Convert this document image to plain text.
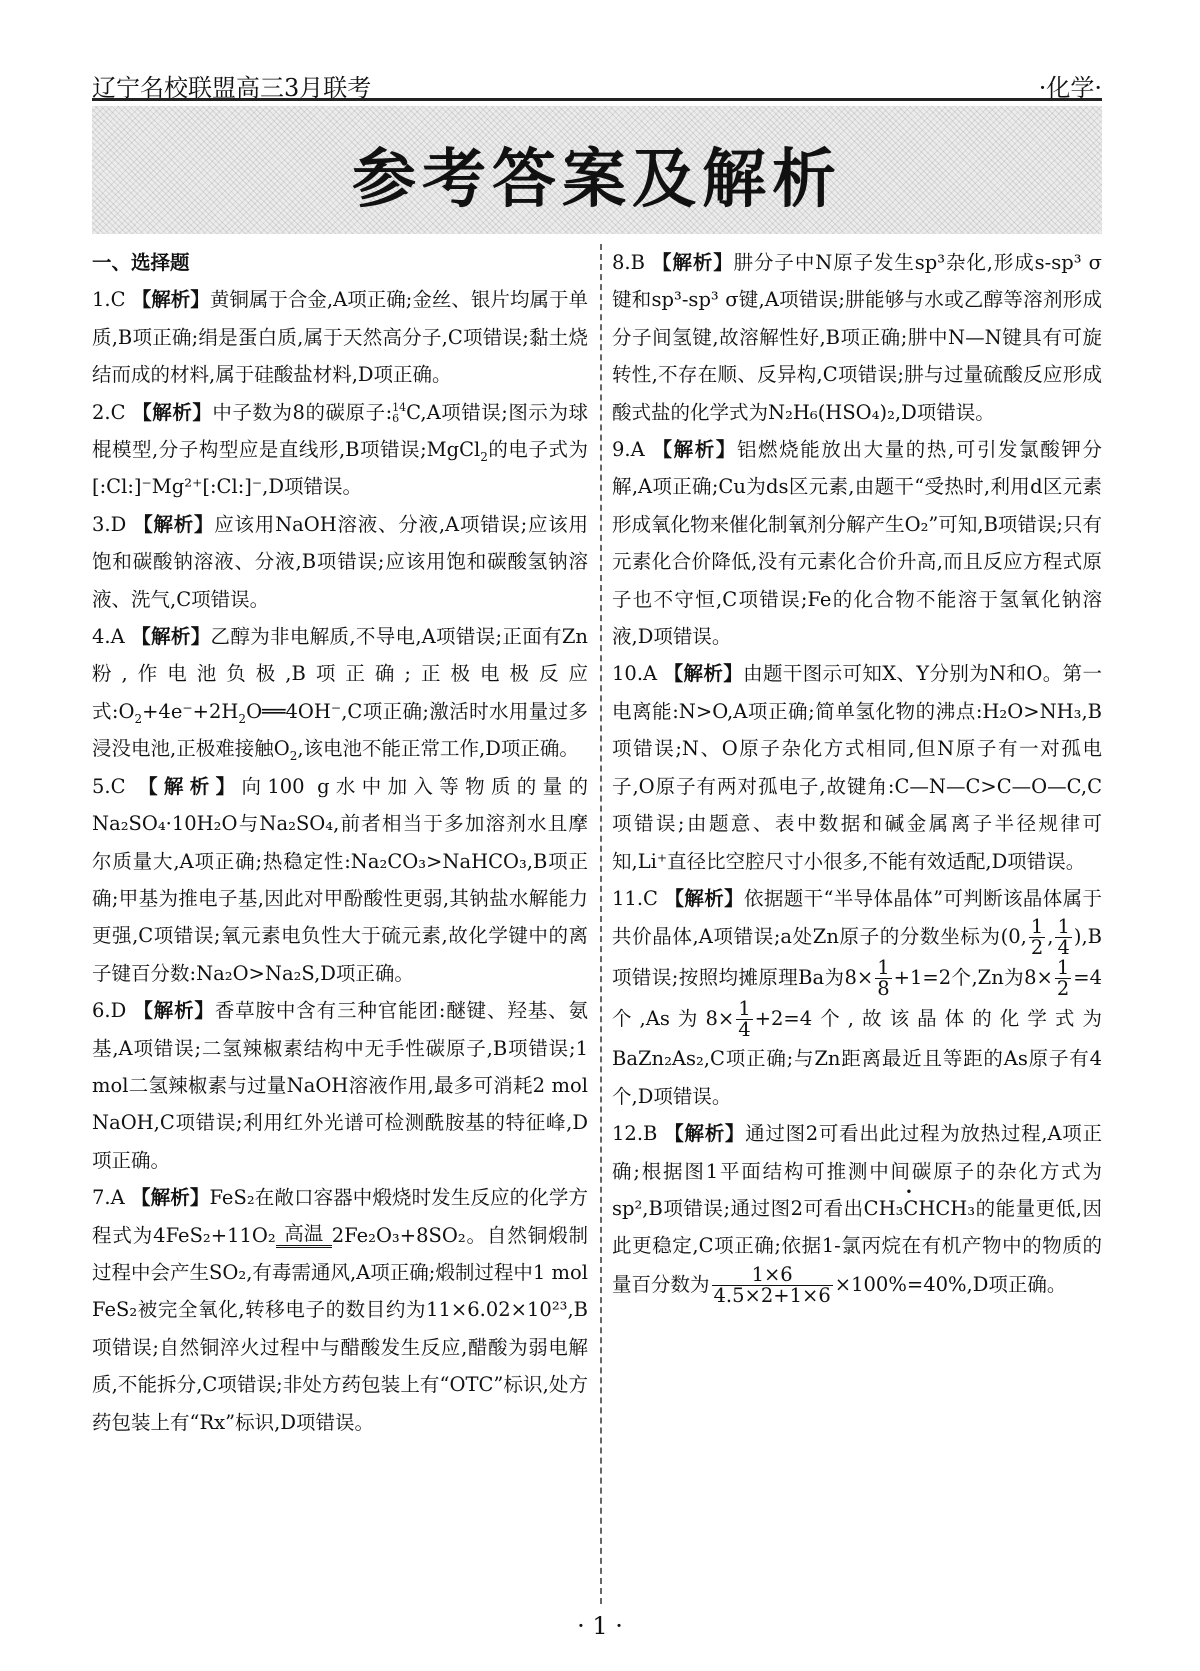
辽宁名校联盟高三3月联考	·化学·
参考答案及解析
一、选择题
1.C 【解析】黄铜属于合金,A项正确;金丝、银片均属于单质,B项正确;绢是蛋白质,属于天然高分子,C项错误;黏土烧结而成的材料,属于硅酸盐材料,D项正确。
2.C 【解析】中子数为8的碳原子: 14
6 C,A项错误;图示为球棍模型,分子构型应是直线形,B项错误;MgCl$_2$的电子式为[:Cl:]⁻Mg²⁺[:Cl:]⁻,D项错误。
3.D 【解析】应该用NaOH溶液、分液,A项错误;应该用饱和碳酸钠溶液、分液,B项错误;应该用饱和碳酸氢钠溶液、洗气,C项错误。
4.A 【解析】乙醇为非电解质,不导电,A项错误;正面有Zn粉,作电池负极,B项正确;正极电极反应式$:O_2+4e^-+2H_2O══4OH^-,C$项正确;激活时水用量过多浸没电池,正极难接触$O_2$,该电池不能正常工作,D项正确。
5.C 【解析】向100 g水中加入等物质的量的Na₂SO₄·10H₂O与Na₂SO₄,前者相当于多加溶剂水且摩尔质量大,A项正确;热稳定性:Na₂CO₃>NaHCO₃,B项正确;甲基为推电子基,因此对甲酚酸性更弱,其钠盐水解能力更强,C项错误;氧元素电负性大于硫元素,故化学键中的离子键百分数:Na₂O>Na₂S,D项正确。
6.D 【解析】香草胺中含有三种官能团:醚键、羟基、氨基,A项错误;二氢辣椒素结构中无手性碳原子,B项错误;1 mol二氢辣椒素与过量NaOH溶液作用,最多可消耗2 mol NaOH,C项错误;利用红外光谱可检测酰胺基的特征峰,D项正确。
7.A 【解析】FeS₂在敞口容器中煅烧时发生反应的化学方程式为4FeS₂+11O₂ 高温 2Fe₂O₃+8SO₂。自然铜煅制过程中会产生SO₂,有毒需通风,A项正确;煅制过程中1 mol FeS₂被完全氧化,转移电子的数目约为11×6.02×10²³,B项错误;自然铜淬火过程中与醋酸发生反应,醋酸为弱电解质,不能拆分,C项错误;非处方药包装上有“OTC”标识,处方药包装上有“Rx”标识,D项错误。
8.B 【解析】肼分子中N原子发生sp³杂化,形成s-sp³ σ键和sp³-sp³ σ键,A项错误;肼能够与水或乙醇等溶剂形成分子间氢键,故溶解性好,B项正确;肼中N—N键具有可旋转性,不存在顺、反异构,C项错误;肼与过量硫酸反应形成酸式盐的化学式为N₂H₆(HSO₄)₂,D项错误。
9.A 【解析】铝燃烧能放出大量的热,可引发氯酸钾分解,A项正确;Cu为ds区元素,由题干“受热时,利用d区元素形成氧化物来催化制氧剂分解产生O₂”可知,B项错误;只有元素化合价降低,没有元素化合价升高,而且反应方程式原子也不守恒,C项错误;Fe的化合物不能溶于氢氧化钠溶液,D项错误。
10.A 【解析】由题干图示可知X、Y分别为N和O。第一电离能:N>O,A项正确;简单氢化物的沸点:H₂O>NH₃,B项错误;N、O原子杂化方式相同,但N原子有一对孤电子,O原子有两对孤电子,故键角:C—N—C>C—O—C,C项错误;由题意、表中数据和碱金属离子半径规律可知,Li⁺直径比空腔尺寸小很多,不能有效适配,D项错误。
11.C 【解析】依据题干“半导体晶体”可判断该晶体属于共价晶体,A项错误;a处Zn原子的分数坐标为(0, $\frac{1}{2}$ , $\frac{1}{4} ),B$项错误;按照均摊原理Ba为$8\times \frac{1}{8} +1=2$个,Zn为$8\times \frac{1}{2} =4$个,As为$8\times \frac{1}{4} +2=4$个,故该晶体的化学式为BaZn₂As₂,C项正确;与Zn距离最近且等距的As原子有4个,D项错误。
12.B 【解析】通过图2可看出此过程为放热过程,A项正确;根据图1平面结构可推测中间碳原子的杂化方式为sp²,B项错误;通过图2可看出CH₃• CHCH₃的能量更低,因此更稳定,C项正确;依据1-氯丙烷在有机产物中的物质的量百分数为 $\frac{1\times 6}{4.5\times 2+1\times 6} \times 100\%=40\%,D$项正确。
· 1 ·
